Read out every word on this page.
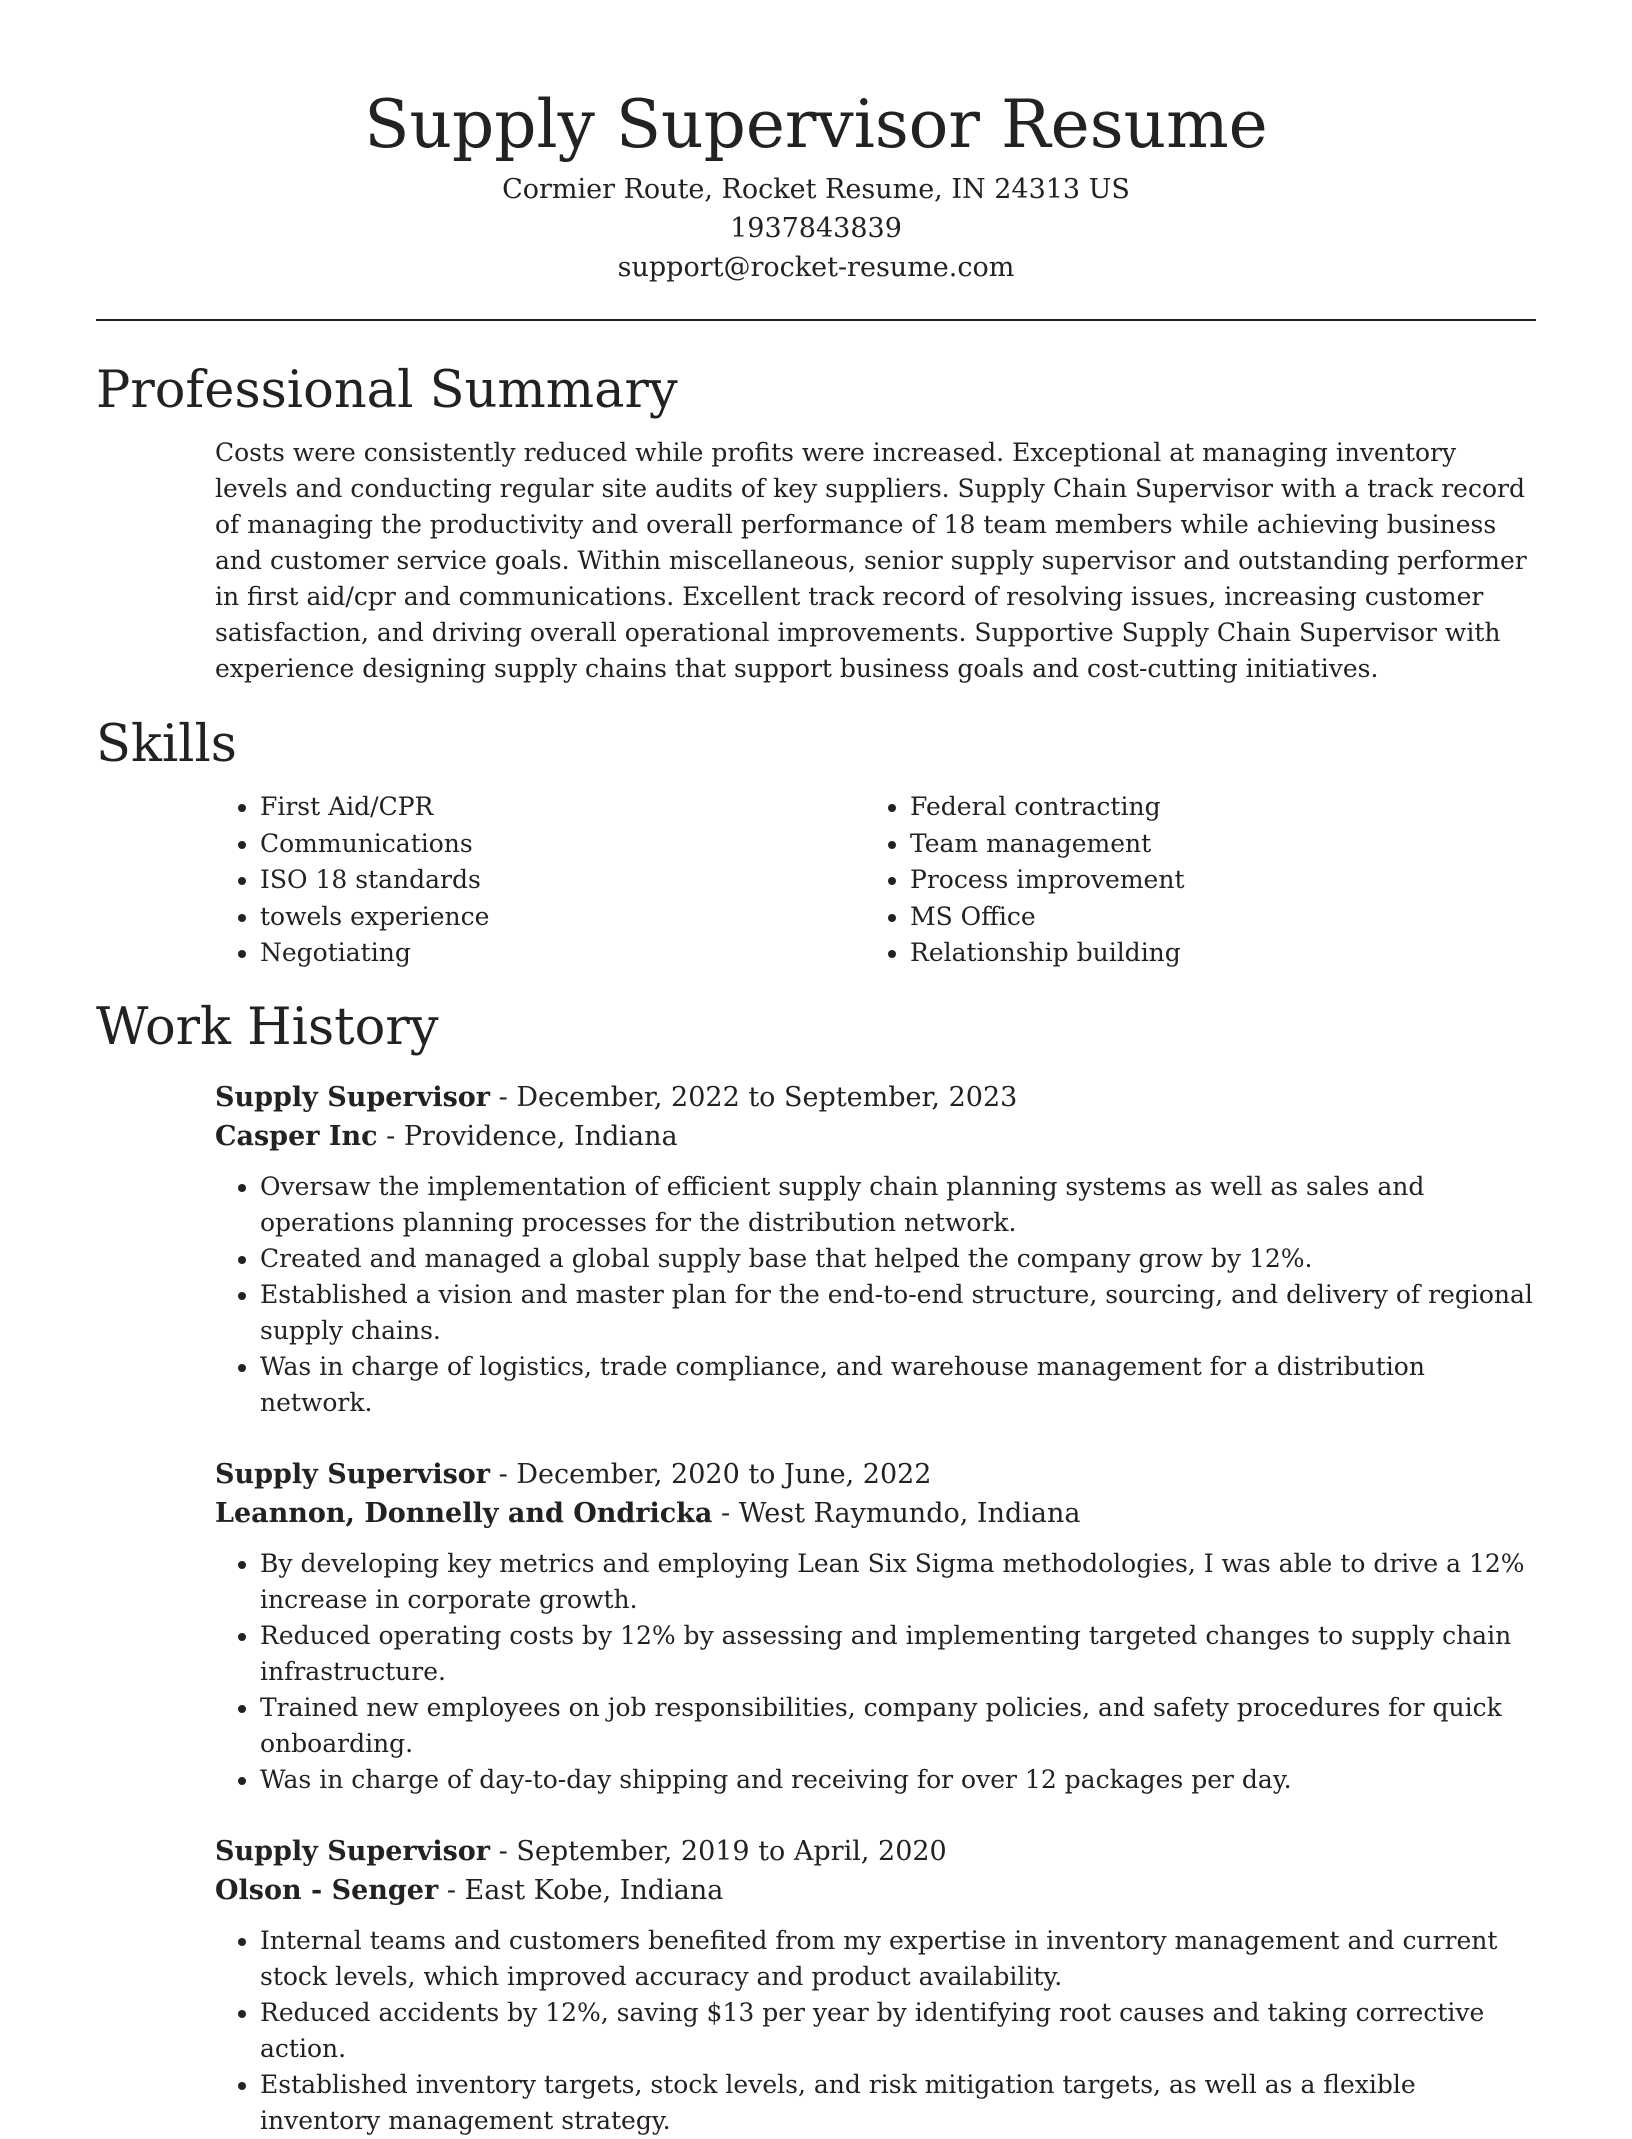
Supply Supervisor Resume
Cormier Route, Rocket Resume, IN 24313 US
1937843839
support@rocket-resume.com
Professional Summary

Costs were consistently reduced while profits were increased. Exceptional at managing inventory levels and conducting regular site audits of key suppliers. Supply Chain Supervisor with a track record of managing the productivity and overall performance of 18 team members while achieving business and customer service goals. Within miscellaneous, senior supply supervisor and outstanding performer in first aid/cpr and communications. Excellent track record of resolving issues, increasing customer satisfaction, and driving overall operational improvements. Supportive Supply Chain Supervisor with experience designing supply chains that support business goals and cost-cutting initiatives.

Skills
• First Aid/CPR
• Communications
• ISO 18 standards
• towels experience
• Negotiating
• Federal contracting
• Team management
• Process improvement
• MS Office
• Relationship building
Work History
Supply Supervisor - December, 2022 to September, 2023
Casper Inc - Providence, Indiana
• Oversaw the implementation of efficient supply chain planning systems as well as sales and operations planning processes for the distribution network.
• Created and managed a global supply base that helped the company grow by 12%.
• Established a vision and master plan for the end-to-end structure, sourcing, and delivery of regional supply chains.
• Was in charge of logistics, trade compliance, and warehouse management for a distribution network.
Supply Supervisor - December, 2020 to June, 2022
Leannon, Donnelly and Ondricka - West Raymundo, Indiana
• By developing key metrics and employing Lean Six Sigma methodologies, I was able to drive a 12% increase in corporate growth.
• Reduced operating costs by 12% by assessing and implementing targeted changes to supply chain infrastructure.
• Trained new employees on job responsibilities, company policies, and safety procedures for quick onboarding.
• Was in charge of day-to-day shipping and receiving for over 12 packages per day.
Supply Supervisor - September, 2019 to April, 2020
Olson - Senger - East Kobe, Indiana
• Internal teams and customers benefited from my expertise in inventory management and current stock levels, which improved accuracy and product availability.
• Reduced accidents by 12%, saving $13 per year by identifying root causes and taking corrective action.
• Established inventory targets, stock levels, and risk mitigation targets, as well as a flexible inventory management strategy.
